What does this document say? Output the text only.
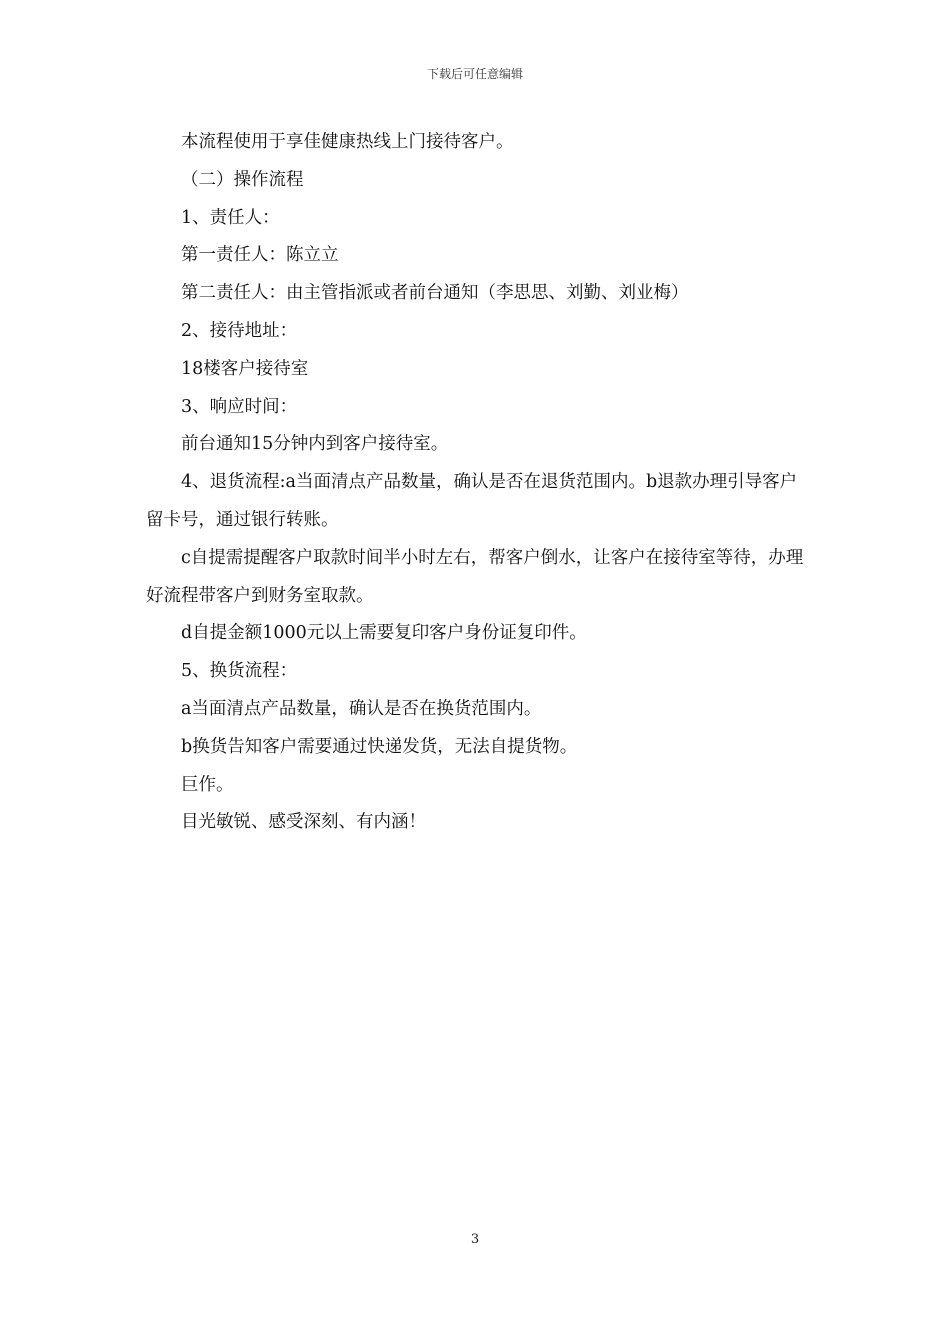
下载后可任意编辑

本流程使用于享佳健康热线上门接待客户。

（二）操作流程

1、责任人：

第一责任人：陈立立

第二责任人：由主管指派或者前台通知（李思思、刘勤、刘业梅）

2、接待地址：

18楼客户接待室

3、响应时间：

前台通知15分钟内到客户接待室。

4、退货流程:a当面清点产品数量，确认是否在退货范围内。b退款办理引导客户留卡号，通过银行转账。

c自提需提醒客户取款时间半小时左右，帮客户倒水，让客户在接待室等待，办理好流程带客户到财务室取款。

d自提金额1000元以上需要复印客户身份证复印件。

5、换货流程：

a当面清点产品数量，确认是否在换货范围内。

b换货告知客户需要通过快递发货，无法自提货物。

巨作。

目光敏锐、感受深刻、有内涵！

3
